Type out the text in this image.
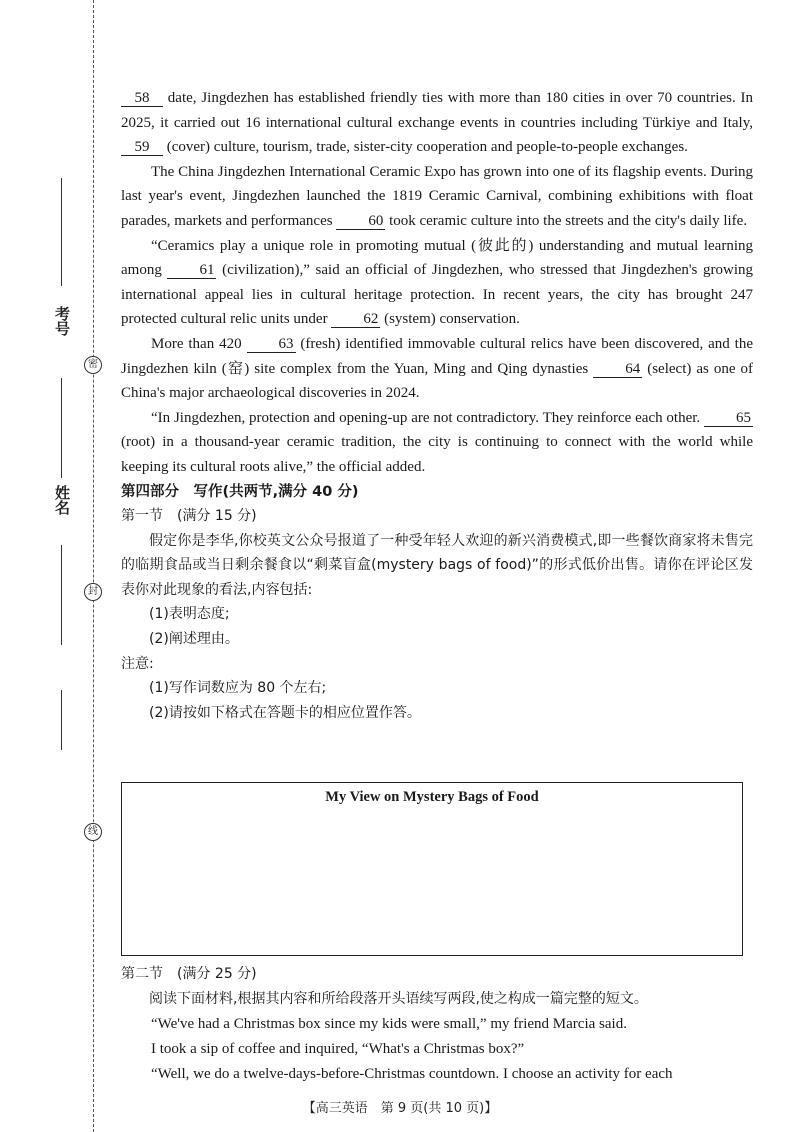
考号
密
姓名
封
线

58 date, Jingdezhen has established friendly ties with more than 180 cities in over 70 countries. In 2025, it carried out 16 international cultural exchange events in countries including Türkiye and Italy, 59 (cover) culture, tourism, trade, sister-city cooperation and people-to-people exchanges.

The China Jingdezhen International Ceramic Expo has grown into one of its flagship events. During last year's event, Jingdezhen launched the 1819 Ceramic Carnival, combining exhibitions with float parades, markets and performances 60 took ceramic culture into the streets and the city's daily life.

“Ceramics play a unique role in promoting mutual (彼此的) understanding and mutual learning among 61 (civilization),” said an official of Jingdezhen, who stressed that Jingdezhen's growing international appeal lies in cultural heritage protection. In recent years, the city has brought 247 protected cultural relic units under 62 (system) conservation.

More than 420 63 (fresh) identified immovable cultural relics have been discovered, and the Jingdezhen kiln (窑) site complex from the Yuan, Ming and Qing dynasties 64 (select) as one of China's major archaeological discoveries in 2024.

“In Jingdezhen, protection and opening-up are not contradictory. They reinforce each other. 65 (root) in a thousand-year ceramic tradition, the city is continuing to connect with the world while keeping its cultural roots alive,” the official added.

第四部分　写作(共两节,满分 40 分)

第一节　(满分 15 分)

假定你是李华,你校英文公众号报道了一种受年轻人欢迎的新兴消费模式,即一些餐饮商家将未售完的临期食品或当日剩余餐食以“剩菜盲盒(mystery bags of food)”的形式低价出售。请你在评论区发表你对此现象的看法,内容包括:

(1)表明态度;

(2)阐述理由。

注意:

(1)写作词数应为 80 个左右;

(2)请按如下格式在答题卡的相应位置作答。

My View on Mystery Bags of Food

第二节　(满分 25 分)

阅读下面材料,根据其内容和所给段落开头语续写两段,使之构成一篇完整的短文。

“We've had a Christmas box since my kids were small,” my friend Marcia said.

I took a sip of coffee and inquired, “What's a Christmas box?”

“Well, we do a twelve-days-before-Christmas countdown. I choose an activity for each

【高三英语　第 9 页(共 10 页)】
